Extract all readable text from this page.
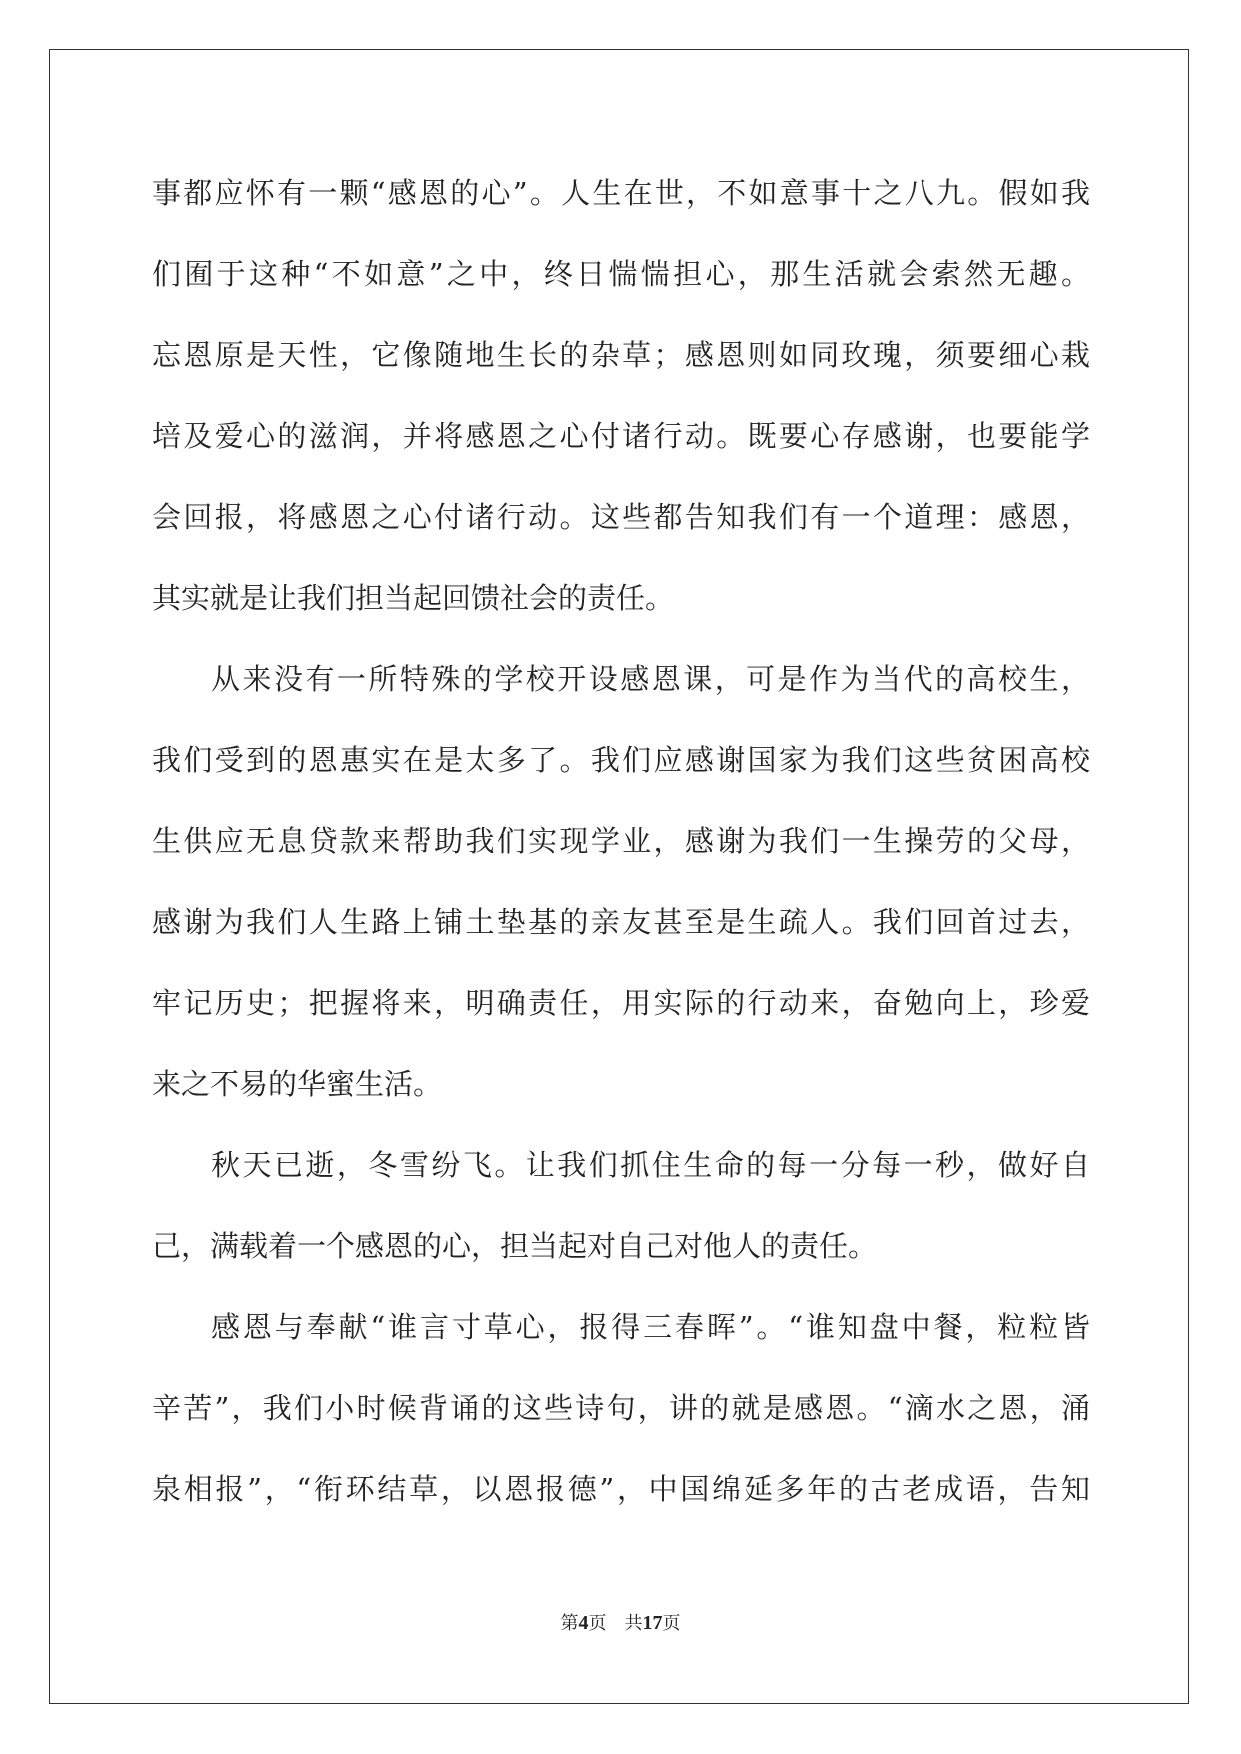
事都应怀有一颗“感恩的心”。人生在世，不如意事十之八九。假如我
们囿于这种“不如意”之中，终日惴惴担心，那生活就会索然无趣。
忘恩原是天性，它像随地生长的杂草；感恩则如同玫瑰，须要细心栽
培及爱心的滋润，并将感恩之心付诸行动。既要心存感谢，也要能学
会回报，将感恩之心付诸行动。这些都告知我们有一个道理：感恩，
其实就是让我们担当起回馈社会的责任。
从来没有一所特殊的学校开设感恩课，可是作为当代的高校生，
我们受到的恩惠实在是太多了。我们应感谢国家为我们这些贫困高校
生供应无息贷款来帮助我们实现学业，感谢为我们一生操劳的父母，
感谢为我们人生路上铺土垫基的亲友甚至是生疏人。我们回首过去，
牢记历史；把握将来，明确责任，用实际的行动来，奋勉向上，珍爱
来之不易的华蜜生活。
秋天已逝，冬雪纷飞。让我们抓住生命的每一分每一秒，做好自
己，满载着一个感恩的心，担当起对自己对他人的责任。
感恩与奉献“谁言寸草心，报得三春晖”。“谁知盘中餐，粒粒皆
辛苦”，我们小时候背诵的这些诗句，讲的就是感恩。“滴水之恩，涌
泉相报”，“衔环结草，以恩报德”，中国绵延多年的古老成语，告知
第4页 共17页
